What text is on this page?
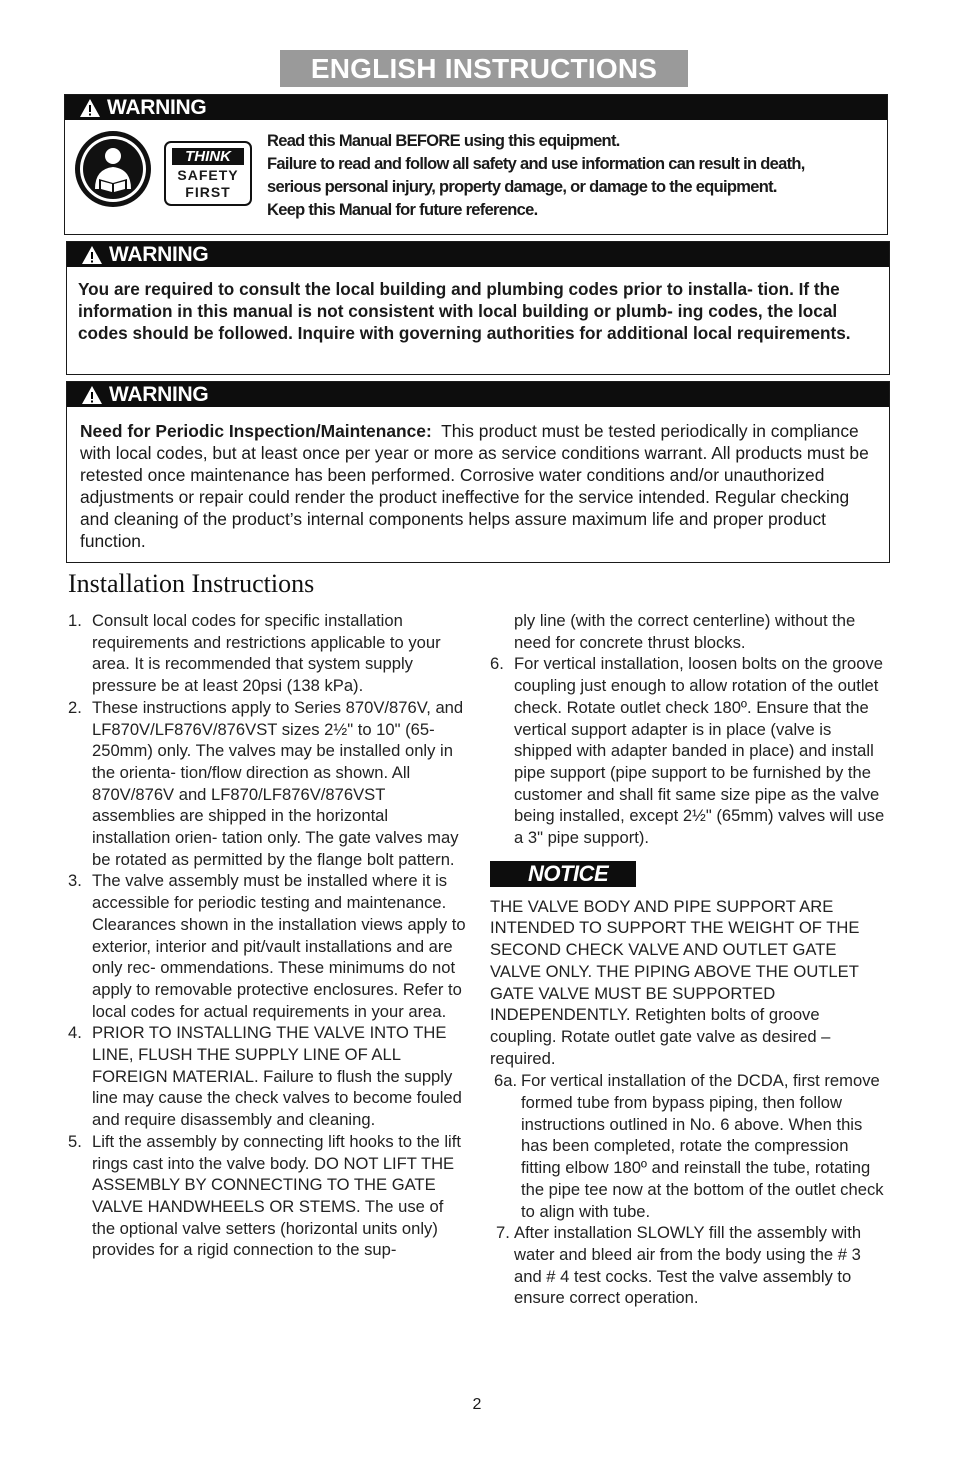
ENGLISH INSTRUCTIONS
WARNING
THINK
SAFETY
FIRST
Read this Manual BEFORE using this equipment.
Failure to read and follow all safety and use information can result in death,
serious personal injury, property damage, or damage to the equipment.
Keep this Manual for future reference.
WARNING
You are required to consult the local building and plumbing codes prior to installa- tion. If the information in this manual is not consistent with local building or plumb- ing codes, the local codes should be followed. Inquire with governing authorities for additional local requirements.
WARNING
Need for Periodic Inspection/Maintenance: This product must be tested periodically in compliance with local codes, but at least once per year or more as service conditions warrant. All products must be retested once maintenance has been performed. Corrosive water conditions and/or unauthorized adjustments or repair could render the product ineffective for the service intended. Regular checking and cleaning of the product’s internal components helps assure maximum life and proper product function.
Installation Instructions
1. Consult local codes for specific installation requirements and restrictions applicable to your area. It is recommended that system supply pressure be at least 20psi (138 kPa).
2. These instructions apply to Series 870V/876V, and LF870V/LF876V/876VST sizes 2½" to 10" (65-250mm) only. The valves may be installed only in the orienta- tion/flow direction as shown. All 870V/876V and LF870/LF876V/876VST assemblies are shipped in the horizontal installation orien- tation only. The gate valves may be rotated as permitted by the flange bolt pattern.
3. The valve assembly must be installed where it is accessible for periodic testing and maintenance. Clearances shown in the installation views apply to exterior, interior and pit/vault installations and are only rec- ommendations. These minimums do not apply to removable protective enclosures. Refer to local codes for actual requirements in your area.
4. PRIOR TO INSTALLING THE VALVE INTO THE LINE, FLUSH THE SUPPLY LINE OF ALL FOREIGN MATERIAL. Failure to flush the supply line may cause the check valves to become fouled and require disassembly and cleaning.
5. Lift the assembly by connecting lift hooks to the lift rings cast into the valve body. DO NOT LIFT THE ASSEMBLY BY CONNECTING TO THE GATE VALVE HANDWHEELS OR STEMS. The use of the optional valve setters (horizontal units only) provides for a rigid connection to the sup-
ply line (with the correct centerline) without the need for concrete thrust blocks.
6. For vertical installation, loosen bolts on the groove coupling just enough to allow rotation of the outlet check. Rotate outlet check 180º. Ensure that the vertical support adapter is in place (valve is shipped with adapter banded in place) and install pipe support (pipe support to be furnished by the customer and shall fit same size pipe as the valve being installed, except 2½" (65mm) valves will use a 3" pipe support).
NOTICE
THE VALVE BODY AND PIPE SUPPORT ARE INTENDED TO SUPPORT THE WEIGHT OF THE SECOND CHECK VALVE AND OUTLET GATE VALVE ONLY. THE PIPING ABOVE THE OUTLET GATE VALVE MUST BE SUPPORTED INDEPENDENTLY. Retighten bolts of groove coupling. Rotate outlet gate valve as desired – required.
6a. For vertical installation of the DCDA, first remove formed tube from bypass piping, then follow instructions outlined in No. 6 above. When this has been completed, rotate the compression fitting elbow 180º and reinstall the tube, rotating the pipe tee now at the bottom of the outlet check to align with tube.
7. After installation SLOWLY fill the assembly with water and bleed air from the body using the # 3 and # 4 test cocks. Test the valve assembly to ensure correct operation.
2
